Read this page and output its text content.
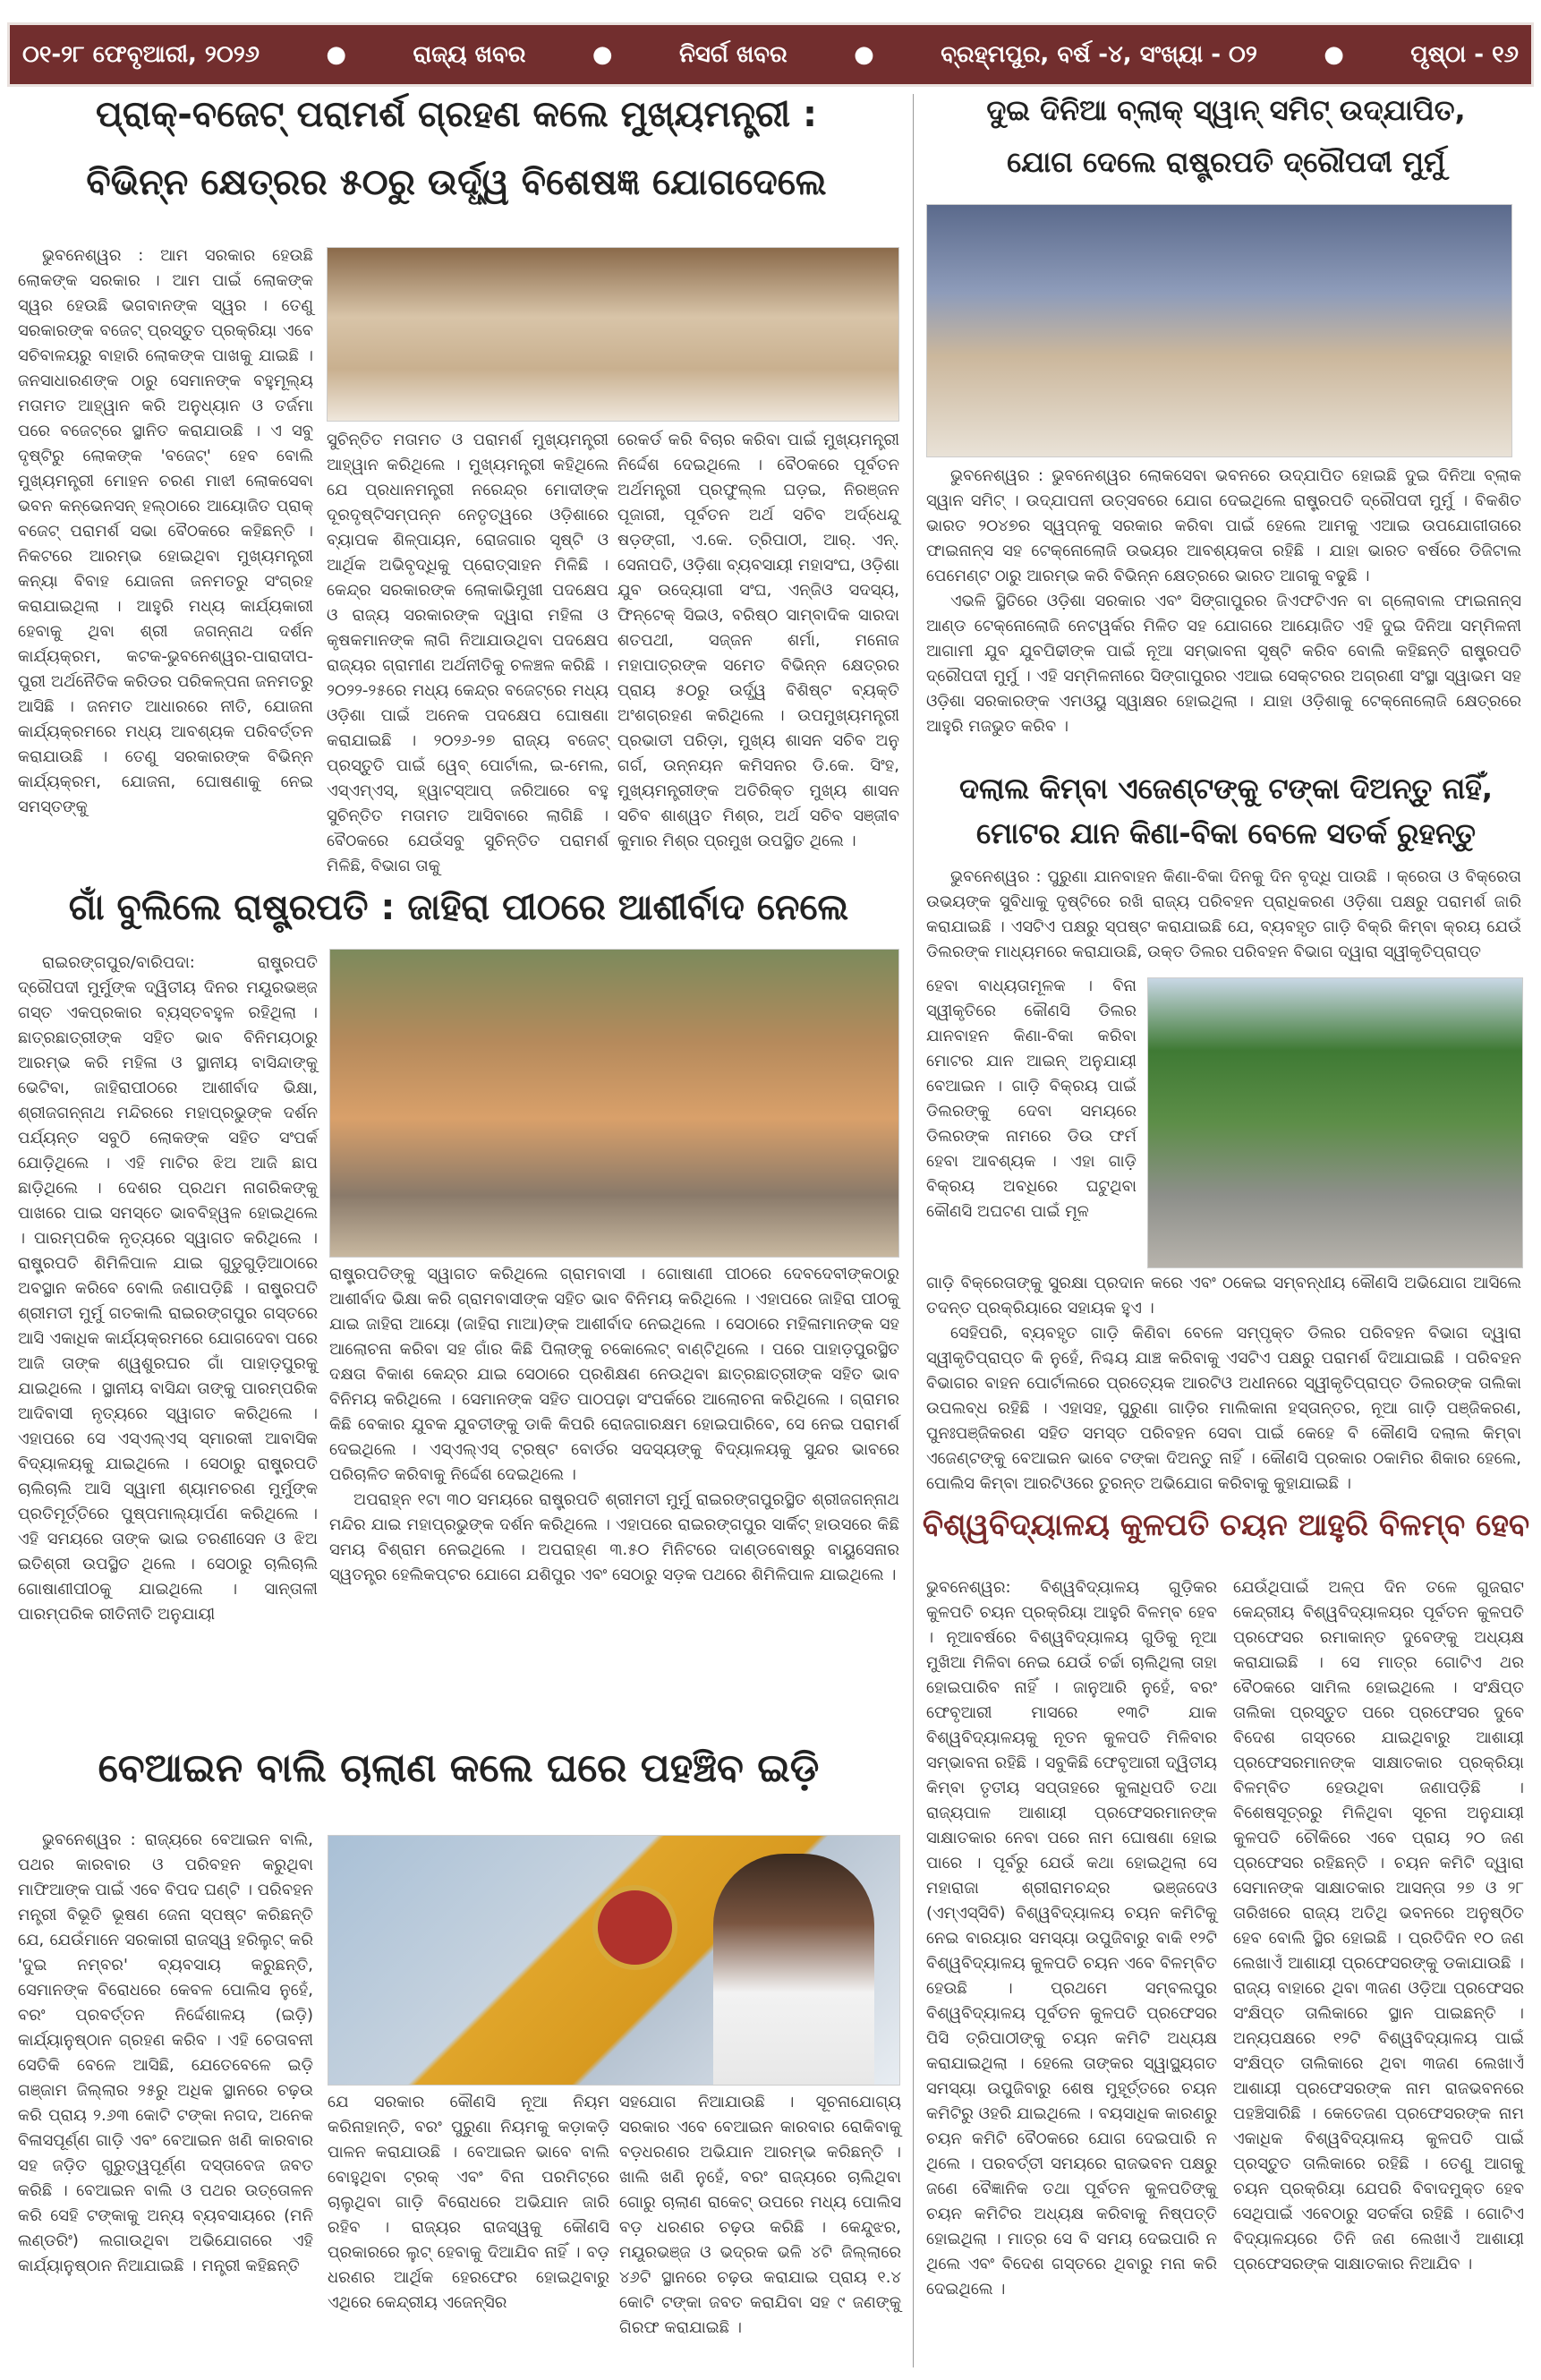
୦୧-୨୮ ଫେବୃଆରୀ, ୨୦୨୬	●	ରାଜ୍ୟ ଖବର	●	ନିସର୍ଗ ଖବର	●	ବ୍ରହ୍ମପୁର, ବର୍ଷ -୪, ସଂଖ୍ୟା - ୦୨	●	ପୃଷ୍ଠା - ୧୬
ପ୍ରାକ୍-ବଜେଟ୍ ପରାମର୍ଶ ଗ୍ରହଣ କଲେ ମୁଖ୍ୟମନ୍ତ୍ରୀ :
ବିଭିନ୍ନ କ୍ଷେତ୍ରର ୫୦ରୁ ଉର୍ଦ୍ଧ୍ୱ ବିଶେଷଜ୍ଞ ଯୋଗଦେଲେ

ଭୁବନେଶ୍ୱର : ଆମ ସରକାର ହେଉଛି ଲୋକଙ୍କ ସରକାର । ଆମ ପାଇଁ ଲୋକଙ୍କ ସ୍ୱର ହେଉଛି ଭଗବାନଙ୍କ ସ୍ୱର । ତେଣୁ ସରକାରଙ୍କ ବଜେଟ୍ ପ୍ରସ୍ତୁତ ପ୍ରକ୍ରିୟା ଏବେ ସଚିବାଳୟରୁ ବାହାରି ଲୋକଙ୍କ ପାଖକୁ ଯାଇଛି । ଜନସାଧାରଣଙ୍କ ଠାରୁ ସେମାନଙ୍କ ବହୁମୂଲ୍ୟ ମତାମତ ଆହ୍ୱାନ କରି ଅନୁଧ୍ୟାନ ଓ ତର୍ଜମା ପରେ ବଜେଟ୍‌ରେ ସ୍ଥାନିତ କରାଯାଉଛି । ଏ ସବୁ ଦୃଷ୍ଟିରୁ ଲୋକଙ୍କ 'ବଜେଟ୍' ହେବ ବୋଲି ମୁଖ୍ୟମନ୍ତ୍ରୀ ମୋହନ ଚରଣ ମାଝୀ ଲୋକସେବା ଭବନ କନ୍‌ଭେନସନ୍ ହଲ୍‌ଠାରେ ଆୟୋଜିତ ପ୍ରାକ୍ ବଜେଟ୍ ପରାମର୍ଶ ସଭା ବୈଠକରେ କହିଛନ୍ତି । ନିକଟରେ ଆରମ୍ଭ ହୋଇଥିବା ମୁଖ୍ୟମନ୍ତ୍ରୀ କନ୍ୟା ବିବାହ ଯୋଜନା ଜନମତରୁ ସଂଗ୍ରହ କରାଯାଇଥିଲା । ଆହୁରି ମଧ୍ୟ କାର୍ଯ୍ୟକାରୀ ହେବାକୁ ଥିବା ଶ୍ରୀ ଜଗନ୍ନାଥ ଦର୍ଶନ କାର୍ଯ୍ୟକ୍ରମ, କଟକ-ଭୁବନେଶ୍ୱର-ପାରାଦୀପ-ପୁରୀ ଅର୍ଥନୈତିକ କରିଡର ପରିକଳ୍ପନା ଜନମତରୁ ଆସିଛି । ଜନମତ ଆଧାରରେ ନୀତି, ଯୋଜନା କାର୍ଯ୍ୟକ୍ରମରେ ମଧ୍ୟ ଆବଶ୍ୟକ ପରିବର୍ତ୍ତନ କରାଯାଉଛି । ତେଣୁ ସରକାରଙ୍କ ବିଭିନ୍ନ କାର୍ଯ୍ୟକ୍ରମ, ଯୋଜନା, ଘୋଷଣାକୁ ନେଇ ସମସ୍ତଙ୍କୁ

ସୁଚିନ୍ତିତ ମତାମତ ଓ ପରାମର୍ଶ ମୁଖ୍ୟମନ୍ତ୍ରୀ ଆହ୍ୱାନ କରିଥିଲେ । ମୁଖ୍ୟମନ୍ତ୍ରୀ କହିଥିଲେ ଯେ ପ୍ରଧାନମନ୍ତ୍ରୀ ନରେନ୍ଦ୍ର ମୋଦୀଙ୍କ ଦୂରଦୃଷ୍ଟିସମ୍ପନ୍ନ ନେତୃତ୍ୱରେ ଓଡ଼ିଶାରେ ବ୍ୟାପକ ଶିଳ୍ପାୟନ, ରୋଜଗାର ସୃଷ୍ଟି ଓ ଆର୍ଥିକ ଅଭିବୃଦ୍ଧିକୁ ପ୍ରୋତ୍ସାହନ ମିଳିଛି । କେନ୍ଦ୍ର ସରକାରଙ୍କ ଲୋକାଭିମୁଖୀ ପଦକ୍ଷେପ ଓ ରାଜ୍ୟ ସରକାରଙ୍କ ଦ୍ୱାରା ମହିଳା ଓ କୃଷକମାନଙ୍କ ଲାଗି ନିଆଯାଉଥିବା ପଦକ୍ଷେପ ରାଜ୍ୟର ଗ୍ରାମୀଣ ଅର୍ଥନୀତିକୁ ଚଳଞ୍ଚଳ କରିଛି । ୨୦୨୨-୨୫ରେ ମଧ୍ୟ କେନ୍ଦ୍ର ବଜେଟ୍‌ରେ ମଧ୍ୟ ଓଡ଼ିଶା ପାଇଁ ଅନେକ ପଦକ୍ଷେପ ଘୋଷଣା କରାଯାଇଛି । ୨୦୨୬-୨୭ ରାଜ୍ୟ ବଜେଟ୍ ପ୍ରସ୍ତୁତି ପାଇଁ ୱେବ୍ ପୋର୍ଟାଲ, ଇ-ମେଲ, ଏସ୍‌ଏମ୍‌ଏସ୍, ହ୍ୱାଟସ୍‌ଆପ୍ ଜରିଆରେ ବହୁ ସୁଚିନ୍ତିତ ମତାମତ ଆସିବାରେ ଲାଗିଛି । ବୈଠକରେ ଯେଉଁସବୁ ସୁଚିନ୍ତିତ ପରାମର୍ଶ ମିଳିଛି, ବିଭାଗ ତାକୁ

ରେକର୍ଡ କରି ବିଚାର କରିବା ପାଇଁ ମୁଖ୍ୟମନ୍ତ୍ରୀ ନିର୍ଦ୍ଦେଶ ଦେଇଥିଲେ । ବୈଠକରେ ପୂର୍ବତନ ଅର୍ଥମନ୍ତ୍ରୀ ପ୍ରଫୁଲ୍ଲ ଘଡ଼ଇ, ନିରଞ୍ଜନ ପୂଜାରୀ, ପୂର୍ବତନ ଅର୍ଥ ସଚିବ ଅର୍ଦ୍ଧେନ୍ଦୁ ଷଡ଼ଙ୍ଗୀ, ଏ.କେ. ତ୍ରିପାଠୀ, ଆର୍. ଏନ୍. ସେନାପତି, ଓଡ଼ିଶା ବ୍ୟବସାୟୀ ମହାସଂଘ, ଓଡ଼ିଶା ଯୁବ ଉଦ୍ୟୋଗୀ ସଂଘ, ଏନ୍‌ଜିଓ ସଦସ୍ୟ, ଫିନ୍‌ଟେକ୍ ସିଇଓ, ବରିଷ୍ଠ ସାମ୍ବାଦିକ ସାରଦା ଶତପଥୀ, ସଜ୍ଜନ ଶର୍ମା, ମନୋଜ ମହାପାତ୍ରଙ୍କ ସମେତ ବିଭିନ୍ନ କ୍ଷେତ୍ରର ପ୍ରାୟ ୫୦ରୁ ଉର୍ଦ୍ଧ୍ୱ ବିଶିଷ୍ଟ ବ୍ୟକ୍ତି ଅଂଶଗ୍ରହଣ କରିଥିଲେ । ଉପମୁଖ୍ୟମନ୍ତ୍ରୀ ପ୍ରଭାତୀ ପରିଡ଼ା, ମୁଖ୍ୟ ଶାସନ ସଚିବ ଅନୁ ଗର୍ଗ, ଉନ୍ନୟନ କମିସନର ଡି.କେ. ସିଂହ, ମୁଖ୍ୟମନ୍ତ୍ରୀଙ୍କ ଅତିରିକ୍ତ ମୁଖ୍ୟ ଶାସନ ସଚିବ ଶାଶ୍ୱତ ମିଶ୍ର, ଅର୍ଥ ସଚିବ ସଞ୍ଜୀବ କୁମାର ମିଶ୍ର ପ୍ରମୁଖ ଉପସ୍ଥିତ ଥିଲେ ।

ଦୁଇ ଦିନିଆ ବ୍ଲାକ୍ ସ୍ୱାନ୍ ସମିଟ୍ ଉଦ୍‌ଯାପିତ,
ଯୋଗ ଦେଲେ ରାଷ୍ଟ୍ରପତି ଦ୍ରୌପଦୀ ମୁର୍ମୁ

ଭୁବନେଶ୍ୱର : ଭୁବନେଶ୍ୱର ଲୋକସେବା ଭବନରେ ଉଦ୍‌ଯାପିତ ହୋଇଛି ଦୁଇ ଦିନିଆ ବ୍ଲାକ ସ୍ୱାନ ସମିଟ୍ । ଉଦ୍‌ଯାପନୀ ଉତ୍ସବରେ ଯୋଗ ଦେଇଥିଲେ ରାଷ୍ଟ୍ରପତି ଦ୍ରୌପଦୀ ମୁର୍ମୁ । ବିକଶିତ ଭାରତ ୨୦୪୭ର ସ୍ୱପ୍ନକୁ ସରକାର କରିବା ପାଇଁ ହେଲେ ଆମକୁ ଏଆଇ ଉପଯୋଗୀତାରେ ଫାଇନାନ୍ସ ସହ ଟେକ୍ନୋଲୋଜି ଉଭୟର ଆବଶ୍ୟକତା ରହିଛି । ଯାହା ଭାରତ ବର୍ଷରେ ଡିଜିଟାଲ ପେମେଣ୍ଟ ଠାରୁ ଆରମ୍ଭ କରି ବିଭିନ୍ନ କ୍ଷେତ୍ରରେ ଭାରତ ଆଗକୁ ବଢୁଛି ।

ଏଭଳି ସ୍ଥିତିରେ ଓଡ଼ିଶା ସରକାର ଏବଂ ସିଙ୍ଗାପୁରର ଜିଏଫଟିଏନ ବା ଗ୍ଲୋବାଲ ଫାଇନାନ୍ସ ଆଣ୍ଡ ଟେକ୍ନୋଲୋଜି ନେଟୱର୍କର ମିଳିତ ସହ ଯୋଗରେ ଆୟୋଜିତ ଏହି ଦୁଇ ଦିନିଆ ସମ୍ମିଳନୀ ଆଗାମୀ ଯୁବ ଯୁବପିଢୀଙ୍କ ପାଇଁ ନୂଆ ସମ୍ଭାବନା ସୃଷ୍ଟି କରିବ ବୋଲି କହିଛନ୍ତି ରାଷ୍ଟ୍ରପତି ଦ୍ରୌପଦୀ ମୁର୍ମୁ । ଏହି ସମ୍ମିଳନୀରେ ସିଙ୍ଗାପୁରର ଏଆଇ ସେକ୍ଟରର ଅଗ୍ରଣୀ ସଂସ୍ଥା ସ୍ୱାଭମ ସହ ଓଡ଼ିଶା ସରକାରଙ୍କ ଏମଓୟୁ ସ୍ୱାକ୍ଷର ହୋଇଥିଲା । ଯାହା ଓଡ଼ିଶାକୁ ଟେକ୍ନୋଲୋଜି କ୍ଷେତ୍ରରେ ଆହୁରି ମଜଭୁତ କରିବ ।

ଦଲାଲ କିମ୍ବା ଏଜେଣ୍ଟଙ୍କୁ ଟଙ୍କା ଦିଅନ୍ତୁ ନାହିଁ,
ମୋଟର ଯାନ କିଣା-ବିକା ବେଳେ ସତର୍କ ରୁହନ୍ତୁ

ଭୁବନେଶ୍ୱର : ପୁରୁଣା ଯାନବାହନ କିଣା-ବିକା ଦିନକୁ ଦିନ ବୃଦ୍ଧି ପାଉଛି । କ୍ରେତା ଓ ବିକ୍ରେତା ଉଭୟଙ୍କ ସୁବିଧାକୁ ଦୃଷ୍ଟିରେ ରଖି ରାଜ୍ୟ ପରିବହନ ପ୍ରାଧିକରଣ ଓଡ଼ିଶା ପକ୍ଷରୁ ପରାମର୍ଶ ଜାରି କରାଯାଇଛି । ଏସଟିଏ ପକ୍ଷରୁ ସ୍ପଷ୍ଟ କରାଯାଇଛି ଯେ, ବ୍ୟବହୃତ ଗାଡ଼ି ବିକ୍ରି କିମ୍ବା କ୍ରୟ ଯେଉଁ ଡିଲରଙ୍କ ମାଧ୍ୟମରେ କରାଯାଉଛି, ଉକ୍ତ ଡିଲର ପରିବହନ ବିଭାଗ ଦ୍ୱାରା ସ୍ୱୀକୃତିପ୍ରାପ୍ତ

ହେବା ବାଧ୍ୟତାମୂଳକ । ବିନା ସ୍ୱୀକୃତିରେ କୌଣସି ଡିଲର ଯାନବାହନ କିଣା-ବିକା କରିବା ମୋଟର ଯାନ ଆଇନ୍ ଅନୁଯାୟୀ ବେଆଇନ । ଗାଡ଼ି ବିକ୍ରୟ ପାଇଁ ଡିଲରଙ୍କୁ ଦେବା ସମୟରେ ଡିଲରଙ୍କ ନାମରେ ଡିଉ ଫର୍ମ ହେବା ଆବଶ୍ୟକ । ଏହା ଗାଡ଼ି ବିକ୍ରୟ ଅବଧିରେ ଘଟୁଥିବା କୌଣସି ଅଘଟଣ ପାଇଁ ମୂଳ

ଗାଡ଼ି ବିକ୍ରେତାଙ୍କୁ ସୁରକ୍ଷା ପ୍ରଦାନ କରେ ଏବଂ ଠକେଇ ସମ୍ବନ୍ଧୀୟ କୌଣସି ଅଭିଯୋଗ ଆସିଲେ ତଦନ୍ତ ପ୍ରକ୍ରିୟାରେ ସହାୟକ ହୁଏ ।

ସେହିପରି, ବ୍ୟବହୃତ ଗାଡ଼ି କିଣିବା ବେଳେ ସମ୍ପୃକ୍ତ ଡିଲର ପରିବହନ ବିଭାଗ ଦ୍ୱାରା ସ୍ୱୀକୃତିପ୍ରାପ୍ତ କି ନୁହେଁ, ନିଶ୍ଚୟ ଯାଞ୍ଚ କରିବାକୁ ଏସଟିଏ ପକ୍ଷରୁ ପରାମର୍ଶ ଦିଆଯାଇଛି । ପରିବହନ ବିଭାଗର ବାହନ ପୋର୍ଟାଲରେ ପ୍ରତ୍ୟେକ ଆରଟିଓ ଅଧୀନରେ ସ୍ୱୀକୃତିପ୍ରାପ୍ତ ଡିଲରଙ୍କ ତାଲିକା ଉପଲବ୍ଧ ରହିଛି । ଏହାସହ, ପୁରୁଣା ଗାଡ଼ିର ମାଲିକାନା ହସ୍ତାନ୍ତର, ନୂଆ ଗାଡ଼ି ପଞ୍ଜିକରଣ, ପୁନଃପଞ୍ଜିକରଣ ସହିତ ସମସ୍ତ ପରିବହନ ସେବା ପାଇଁ କେହେ ବି କୌଣସି ଦଲାଲ କିମ୍ବା ଏଜେଣ୍ଟଙ୍କୁ ବେଆଇନ ଭାବେ ଟଙ୍କା ଦିଅନ୍ତୁ ନାହିଁ । କୌଣସି ପ୍ରକାର ଠକାମିର ଶିକାର ହେଲେ, ପୋଲିସ କିମ୍ବା ଆରଟିଓରେ ତୁରନ୍ତ ଅଭିଯୋଗ କରିବାକୁ କୁହାଯାଇଛି ।

ବିଶ୍ୱବିଦ୍ୟାଳୟ କୁଳପତି ଚୟନ ଆହୁରି ବିଳମ୍ବ ହେବ

ଭୁବନେଶ୍ୱର: ବିଶ୍ୱବିଦ୍ୟାଳୟ ଗୁଡ଼ିକର କୁଳପତି ଚୟନ ପ୍ରକ୍ରିୟା ଆହୁରି ବିଳମ୍ବ ହେବ । ନୂଆବର୍ଷରେ ବିଶ୍ୱବିଦ୍ୟାଳୟ ଗୁଡିକୁ ନୂଆ ମୁଖିଆ ମିଳିବା ନେଇ ଯେଉଁ ଚର୍ଚ୍ଚା ଚାଲିଥିଲା ତାହା ହୋଇପାରିବ ନାହିଁ । ଜାନୁଆରି ନୁହେଁ, ବରଂ ଫେବୃଆରୀ ମାସରେ ୧୩ଟି ଯାକ ବିଶ୍ୱବିଦ୍ୟାଳୟକୁ ନୂତନ କୁଳପତି ମିଳିବାର ସମ୍ଭାବନା ରହିଛି । ସବୁକିଛି ଫେବୃଆରୀ ଦ୍ୱିତୀୟ କିମ୍ବା ତୃତୀୟ ସପ୍ତାହରେ କୁଳାଧିପତି ତଥା ରାଜ୍ୟପାଳ ଆଶାୟୀ ପ୍ରଫେସରମାନଙ୍କ ସାକ୍ଷାତକାର ନେବା ପରେ ନାମ ଘୋଷଣା ହୋଇ ପାରେ । ପୂର୍ବରୁ ଯେଉଁ କଥା ହୋଇଥିଲା ସେ ମହାରାଜା ଶ୍ରୀରାମଚନ୍ଦ୍ର ଭଞ୍ଜଦେଓ (ଏମ୍ଏସ୍‌ସିବି) ବିଶ୍ୱବିଦ୍ୟାଳୟ ଚୟନ କମିଟିକୁ ନେଇ ବାରୟାର ସମସ୍ୟା ଉପୁଜିବାରୁ ବାକି ୧୨ଟି ବିଶ୍ୱବିଦ୍ୟାଳୟ କୁଳପତି ଚୟନ ଏବେ ବିଳମ୍ବିତ ହେଉଛି । ପ୍ରଥମେ ସମ୍ବଲପୁର ବିଶ୍ୱବିଦ୍ୟାଳୟ ପୂର୍ବତନ କୁଳପତି ପ୍ରଫେସର ପିସି ତ୍ରିପାଠୀଙ୍କୁ ଚୟନ କମିଟି ଅଧ୍ୟକ୍ଷ କରାଯାଇଥିଲା । ହେଲେ ତାଙ୍କର ସ୍ୱାସ୍ଥ୍ୟଗତ ସମସ୍ୟା ଉପୁଜିବାରୁ ଶେଷ ମୁହୂର୍ତ୍ତରେ ଚୟନ କମିଟିରୁ ଓହରି ଯାଇଥିଲେ । ବୟସାଧିକ କାରଣରୁ ଚୟନ କମିଟି ବୈଠକରେ ଯୋଗ ଦେଇପାରି ନ ଥିଲେ । ପରବର୍ତ୍ତୀ ସମୟରେ ରାଜଭବନ ପକ୍ଷରୁ ଜଣେ ବୈଜ୍ଞାନିକ ତଥା ପୂର୍ବତନ କୁଳପତିଙ୍କୁ ଚୟନ କମିଟିର ଅଧ୍ୟକ୍ଷ କରିବାକୁ ନିଷ୍ପତ୍ତି ହୋଇଥିଲା । ମାତ୍ର ସେ ବି ସମୟ ଦେଇପାରି ନ ଥିଲେ ଏବଂ ବିଦେଶ ଗସ୍ତରେ ଥିବାରୁ ମନା କରି ଦେଇଥିଲେ ।

ଯେଉଁଥିପାଇଁ ଅଳ୍ପ ଦିନ ତଳେ ଗୁଜରାଟ କେନ୍ଦ୍ରୀୟ ବିଶ୍ୱବିଦ୍ୟାଳୟର ପୂର୍ବତନ କୁଳପତି ପ୍ରଫେସର ରମାକାନ୍ତ ଦୁବେଙ୍କୁ ଅଧ୍ୟକ୍ଷ କରାଯାଇଛି । ସେ ମାତ୍ର ଗୋଟିଏ ଥର ବୈଠକରେ ସାମିଲ ହୋଇଥିଲେ । ସଂକ୍ଷିପ୍ତ ତାଲିକା ପ୍ରସ୍ତୁତ ପରେ ପ୍ରଫେସର ଦୁବେ ବିଦେଶ ଗସ୍ତରେ ଯାଇଥିବାରୁ ଆଶାୟୀ ପ୍ରଫେସରମାନଙ୍କ ସାକ୍ଷାତକାର ପ୍ରକ୍ରିୟା ବିଳମ୍ବିତ ହେଉଥିବା ଜଣାପଡ଼ିଛି । ବିଶେଷସୂତ୍ରରୁ ମିଳିଥିବା ସୂଚନା ଅନୁଯାୟୀ କୁଳପତି ଚୌକିରେ ଏବେ ପ୍ରାୟ ୨୦ ଜଣ ପ୍ରଫେସର ରହିଛନ୍ତି । ଚୟନ କମିଟି ଦ୍ୱାରା ସେମାନଙ୍କ ସାକ୍ଷାତକାର ଆସନ୍ତା ୨୭ ଓ ୨୮ ତାରିଖରେ ରାଜ୍ୟ ଅତିଥି ଭବନରେ ଅନୁଷ୍ଠିତ ହେବ ବୋଲି ସ୍ଥିର ହୋଇଛି । ପ୍ରତିଦିନ ୧୦ ଜଣ ଲେଖାଏଁ ଆଶାୟୀ ପ୍ରଫେସରଙ୍କୁ ଡକାଯାଉଛି । ରାଜ୍ୟ ବାହାରେ ଥିବା ୩ଜଣ ଓଡ଼ିଆ ପ୍ରଫେସର ସଂକ୍ଷିପ୍ତ ତାଲିକାରେ ସ୍ଥାନ ପାଇଛନ୍ତି । ଅନ୍ୟପକ୍ଷରେ ୧୨ଟି ବିଶ୍ୱବିଦ୍ୟାଳୟ ପାଇଁ ସଂକ୍ଷିପ୍ତ ତାଲିକାରେ ଥିବା ୩ଜଣ ଲେଖାଏଁ ଆଶାୟୀ ପ୍ରଫେସରଙ୍କ ନାମ ରାଜଭବନରେ ପହଞ୍ଚିସାରିଛି । କେତେଜଣ ପ୍ରଫେସରଙ୍କ ନାମ ଏକାଧିକ ବିଶ୍ୱବିଦ୍ୟାଳୟ କୁଳପତି ପାଇଁ ପ୍ରସ୍ତୁତ ତାଲିକାରେ ରହିଛି । ତେଣୁ ଆଗକୁ ଚୟନ ପ୍ରକ୍ରିୟା ଯେପରି ବିବାଦମୁକ୍ତ ହେବ ସେଥିପାଇଁ ଏବେଠାରୁ ସତର୍କତା ରହିଛି । ଗୋଟିଏ ବିଦ୍ୟାଳୟରେ ତିନି ଜଣ ଲେଖାଏଁ ଆଶାୟୀ ପ୍ରଫେସରଙ୍କ ସାକ୍ଷାତକାର ନିଆଯିବ ।

ଗାଁ ବୁଲିଲେ ରାଷ୍ଟ୍ରପତି : ଜାହିରା ପୀଠରେ ଆଶୀର୍ବାଦ ନେଲେ

ରାଇରଙ୍ଗପୁର/ବାରିପଦା: ରାଷ୍ଟ୍ରପତି ଦ୍ରୌପଦୀ ମୁର୍ମୁଙ୍କ ଦ୍ୱିତୀୟ ଦିନର ମୟୂରଭଞ୍ଜ ଗସ୍ତ ଏକପ୍ରକାର ବ୍ୟସ୍ତବହୁଳ ରହିଥିଲା । ଛାତ୍ରଛାତ୍ରୀଙ୍କ ସହିତ ଭାବ ବିନିମୟଠାରୁ ଆରମ୍ଭ କରି ମହିଳା ଓ ସ୍ଥାନୀୟ ବାସିନ୍ଦାଙ୍କୁ ଭେଟିବା, ଜାହିରାପୀଠରେ ଆଶୀର୍ବାଦ ଭିକ୍ଷା, ଶ୍ରୀଜଗନ୍ନାଥ ମନ୍ଦିରରେ ମହାପ୍ରଭୁଙ୍କ ଦର୍ଶନ ପର୍ଯ୍ୟନ୍ତ ସବୁଠି ଲୋକଙ୍କ ସହିତ ସଂପର୍କ ଯୋଡ଼ିଥିଲେ । ଏହି ମାଟିର ଝିଅ ଆଜି ଛାପ ଛାଡ଼ିଥିଲେ । ଦେଶର ପ୍ରଥମ ନାଗରିକଙ୍କୁ ପାଖରେ ପାଇ ସମସ୍ତେ ଭାବବିହ୍ୱଳ ହୋଇଥିଲେ । ପାରମ୍ପରିକ ନୃତ୍ୟରେ ସ୍ୱାଗତ କରିଥିଲେ । ରାଷ୍ଟ୍ରପତି ଶିମିଳିପାଳ ଯାଇ ଗୁଡୁଗୁଡ଼ିଆଠାରେ ଅବସ୍ଥାନ କରିବେ ବୋଲି ଜଣାପଡ଼ିଛି । ରାଷ୍ଟ୍ରପତି ଶ୍ରୀମତୀ ମୁର୍ମୁ ଗତକାଲି ରାଇରଙ୍ଗପୁର ଗସ୍ତରେ ଆସି ଏକାଧିକ କାର୍ଯ୍ୟକ୍ରମରେ ଯୋଗଦେବା ପରେ ଆଜି ତାଙ୍କ ଶ୍ୱଶୁରଘର ଗାଁ ପାହାଡ଼ପୁରକୁ ଯାଇଥିଲେ । ସ୍ଥାନୀୟ ବାସିନ୍ଦା ତାଙ୍କୁ ପାରମ୍ପରିକ ଆଦିବାସୀ ନୃତ୍ୟରେ ସ୍ୱାଗତ କରିଥିଲେ । ଏହାପରେ ସେ ଏସ୍‌ଏଲ୍‌ଏସ୍ ସ୍ମାରକୀ ଆବାସିକ ବିଦ୍ୟାଳୟକୁ ଯାଇଥିଲେ । ସେଠାରୁ ରାଷ୍ଟ୍ରପତି ଚାଲିଚାଲି ଆସି ସ୍ୱାମୀ ଶ୍ୟାମଚରଣ ମୁର୍ମୁଙ୍କ ପ୍ରତିମୂର୍ତ୍ତିରେ ପୁଷ୍ପମାଲ୍ୟାର୍ପଣ କରିଥିଲେ । ଏହି ସମୟରେ ତାଙ୍କ ଭାଇ ତରଣୀସେନ ଓ ଝିଅ ଇତିଶ୍ରୀ ଉପସ୍ଥିତ ଥିଲେ । ସେଠାରୁ ଚାଲିଚାଲି ଗୋଷାଣୀପୀଠକୁ ଯାଇଥିଲେ । ସାନ୍ତାଳୀ ପାରମ୍ପରିକ ରୀତିନୀତି ଅନୁଯାୟୀ

ରାଷ୍ଟ୍ରପତିଙ୍କୁ ସ୍ୱାଗତ କରିଥିଲେ ଗ୍ରାମବାସୀ । ଗୋଷାଣୀ ପୀଠରେ ଦେବଦେବୀଙ୍କଠାରୁ ଆଶୀର୍ବାଦ ଭିକ୍ଷା କରି ଗ୍ରାମବାସୀଙ୍କ ସହିତ ଭାବ ବିନିମୟ କରିଥିଲେ । ଏହାପରେ ଜାହିରା ପୀଠକୁ ଯାଇ ଜାହିରା ଆୟୋ (ଜାହିରା ମାଆ)ଙ୍କ ଆଶୀର୍ବାଦ ନେଇଥିଲେ । ସେଠାରେ ମହିଳାମାନଙ୍କ ସହ ଆଲୋଚନା କରିବା ସହ ଗାଁର କିଛି ପିଲାଙ୍କୁ ଚକୋଲେଟ୍ ବାଣ୍ଟିଥିଲେ । ପରେ ପାହାଡ଼ପୁରସ୍ଥିତ ଦକ୍ଷତା ବିକାଶ କେନ୍ଦ୍ର ଯାଇ ସେଠାରେ ପ୍ରଶିକ୍ଷଣ ନେଉଥିବା ଛାତ୍ରଛାତ୍ରୀଙ୍କ ସହିତ ଭାବ ବିନିମୟ କରିଥିଲେ । ସେମାନଙ୍କ ସହିତ ପାଠପଢ଼ା ସଂପର୍କରେ ଆଲୋଚନା କରିଥିଲେ । ଗ୍ରାମର କିଛି ବେକାର ଯୁବକ ଯୁବତୀଙ୍କୁ ଡାକି କିପରି ରୋଜଗାରକ୍ଷମ ହୋଇପାରିବେ, ସେ ନେଇ ପରାମର୍ଶ ଦେଇଥିଲେ । ଏସ୍‌ଏଲ୍‌ଏସ୍ ଟ୍ରଷ୍ଟ ବୋର୍ଡର ସଦସ୍ୟଙ୍କୁ ବିଦ୍ୟାଳୟକୁ ସୁନ୍ଦର ଭାବରେ ପରିଚାଳିତ କରିବାକୁ ନିର୍ଦ୍ଦେଶ ଦେଇଥିଲେ ।

ଅପରାହ୍ନ ୧ଟା ୩୦ ସମୟରେ ରାଷ୍ଟ୍ରପତି ଶ୍ରୀମତୀ ମୁର୍ମୁ ରାଇରଙ୍ଗପୁରସ୍ଥିତ ଶ୍ରୀଜଗନ୍ନାଥ ମନ୍ଦିର ଯାଇ ମହାପ୍ରଭୁଙ୍କ ଦର୍ଶନ କରିଥିଲେ । ଏହାପରେ ରାଇରଙ୍ଗପୁର ସାର୍କିଟ୍‌ ହାଉସରେ କିଛି ସମୟ ବିଶ୍ରାମ ନେଇଥିଲେ । ଅପରାହ୍ଣ ୩.୫୦ ମିନିଟରେ ଦାଣ୍ଡବୋଷରୁ ବାୟୁସେନାର ସ୍ୱତନ୍ତ୍ର ହେଲିକପ୍ଟର ଯୋଗେ ଯଶିପୁର ଏବଂ ସେଠାରୁ ସଡ଼କ ପଥରେ ଶିମିଳିପାଳ ଯାଇଥିଲେ ।

ବେଆଇନ ବାଲି ଚାଲାଣ କଲେ ଘରେ ପହଞ୍ଚିବ ଇଡ଼ି

ଭୁବନେଶ୍ୱର : ରାଜ୍ୟରେ ବେଆଇନ ବାଲି, ପଥର କାରବାର ଓ ପରିବହନ କରୁଥିବା ମାଫିଆଙ୍କ ପାଇଁ ଏବେ ବିପଦ ଘଣ୍ଟି । ପରିବହନ ମନ୍ତ୍ରୀ ବିଭୂତି ଭୂଷଣ ଜେନା ସ୍ପଷ୍ଟ କରିଛନ୍ତି ଯେ, ଯେଉଁମାନେ ସରକାରୀ ରାଜସ୍ୱ ହରିଲୁଟ୍ କରି 'ଦୁଇ ନମ୍ବର' ବ୍ୟବସାୟ କରୁଛନ୍ତି, ସେମାନଙ୍କ ବିରୋଧରେ କେବଳ ପୋଲିସ ନୁହେଁ, ବରଂ ପ୍ରବର୍ତ୍ତନ ନିର୍ଦ୍ଦେଶାଳୟ (ଇଡ଼ି) କାର୍ଯ୍ୟାନୁଷ୍ଠାନ ଗ୍ରହଣ କରିବ । ଏହି ଚେତାବନୀ ସେତିକି ବେଳେ ଆସିଛି, ଯେତେବେଳେ ଇଡ଼ି ଗଞ୍ଜାମ ଜିଲ୍ଲାର ୨୫ରୁ ଅଧିକ ସ୍ଥାନରେ ଚଢ଼ଉ କରି ପ୍ରାୟ ୨.୬୩ କୋଟି ଟଙ୍କା ନଗଦ, ଅନେକ ବିଳାସପୂର୍ଣ୍ଣ ଗାଡ଼ି ଏବଂ ବେଆଇନ ଖଣି କାରବାର ସହ ଜଡ଼ିତ ଗୁରୁତ୍ୱପୂର୍ଣ୍ଣ ଦସ୍ତାବେଜ ଜବତ କରିଛି । ବେଆଇନ ବାଲି ଓ ପଥର ଉତ୍ତୋଳନ କରି ସେହି ଟଙ୍କାକୁ ଅନ୍ୟ ବ୍ୟବସାୟରେ (ମନି ଲଣ୍ଡରିଂ) ଲଗାଉଥିବା ଅଭିଯୋଗରେ ଏହି କାର୍ଯ୍ୟାନୁଷ୍ଠାନ ନିଆଯାଇଛି । ମନ୍ତ୍ରୀ କହିଛନ୍ତି

ଯେ ସରକାର କୌଣସି ନୂଆ ନିୟମ କରିନାହାନ୍ତି, ବରଂ ପୁରୁଣା ନିୟମକୁ କଡ଼ାକଡ଼ି ପାଳନ କରାଯାଉଛି । ବେଆଇନ ଭାବେ ବାଲି ବୋହୁଥିବା ଟ୍ରକ୍ ଏବଂ ବିନା ପରମିଟ୍‌ରେ ଚାଲୁଥିବା ଗାଡ଼ି ବିରୋଧରେ ଅଭିଯାନ ଜାରି ରହିବ । ରାଜ୍ୟର ରାଜସ୍ୱକୁ କୌଣସି ପ୍ରକାରରେ ଲୁଟ୍ ହେବାକୁ ଦିଆଯିବ ନାହିଁ । ବଡ଼ ଧରଣର ଆର୍ଥିକ ହେରଫେର ହୋଇଥିବାରୁ ଏଥିରେ କେନ୍ଦ୍ରୀୟ ଏଜେନ୍ସିର

ସହଯୋଗ ନିଆଯାଉଛି । ସୂଚନାଯୋଗ୍ୟ ସରକାର ଏବେ ବେଆଇନ କାରବାର ରୋକିବାକୁ ବଡ଼ଧରଣର ଅଭିଯାନ ଆରମ୍ଭ କରିଛନ୍ତି । ଖାଲି ଖଣି ନୁହେଁ, ବରଂ ରାଜ୍ୟରେ ଚାଲିଥିବା ଗୋରୁ ଚାଲାଣ ରାକେଟ୍ ଉପରେ ମଧ୍ୟ ପୋଲିସ ବଡ଼ ଧରଣର ଚଢ଼ଉ କରିଛି । କେନ୍ଦୁଝର, ମୟୂରଭଞ୍ଜ ଓ ଭଦ୍ରକ ଭଳି ୪ଟି ଜିଲ୍ଲାରେ ୪୬ଟି ସ୍ଥାନରେ ଚଢ଼ଉ କରାଯାଇ ପ୍ରାୟ ୧.୪ କୋଟି ଟଙ୍କା ଜବତ କରାଯିବା ସହ ୯ ଜଣଙ୍କୁ ଗିରଫ କରାଯାଇଛି ।
